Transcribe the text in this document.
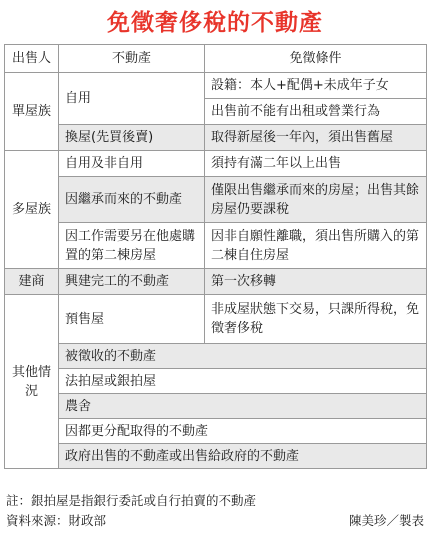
免徵奢侈稅的不動產
出售人	不動產	免徵條件
單屋族	自用	設籍：本人+配偶+未成年子女
		出售前不能有出租或營業行為
	換屋(先買後賣)	取得新屋後一年內，須出售舊屋
多屋族	自用及非自用	須持有滿二年以上出售
	因繼承而來的不動產	僅限出售繼承而來的房屋；出售其餘房屋仍要課稅
	因工作需要另在他處購置的第二棟房屋	因非自願性離職，須出售所購入的第二棟自住房屋
建商	興建完工的不動產	第一次移轉
其他情況	預售屋	非成屋狀態下交易，只課所得稅，免徵奢侈稅
	被徵收的不動產	
	法拍屋或銀拍屋	
	農舍	
	因都更分配取得的不動產	
	政府出售的不動產或出售給政府的不動產	
註：銀拍屋是指銀行委託或自行拍賣的不動產
資料來源：財政部	陳美珍／製表
